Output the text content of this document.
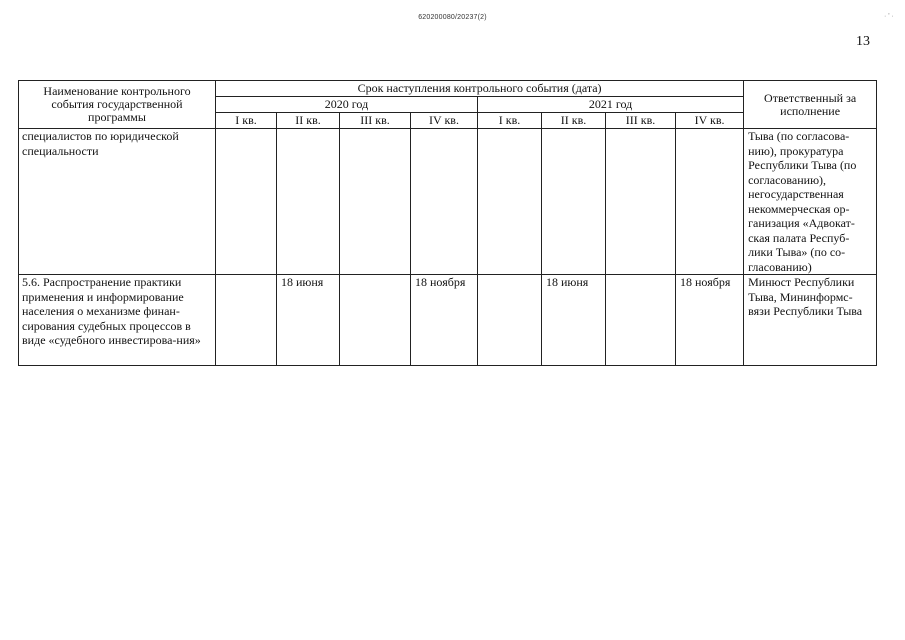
620200080/20237(2)	· ' ·
13
Наименование контрольного события государственной программы	Срок наступления контрольного события (дата)								Ответственный за исполнение
	2020 год				2021 год				
	I кв.	II кв.	III кв.	IV кв.	I кв.	II кв.	III кв.	IV кв.	
специалистов по юридической специальности									Тыва (по согласова-нию), прокуратура Республики Тыва (по согласованию), негосударственная некоммерческая ор-ганизация «Адвокат-ская палата Респуб-лики Тыва» (по со-гласованию)
5.6. Распространение практики применения и информирование населения о механизме финан-сирования судебных процессов в виде «судебного инвестирова-ния»		18 июня		18 ноября		18 июня		18 ноября	Минюст Республики Тыва, Мининформс-вязи Республики Тыва
